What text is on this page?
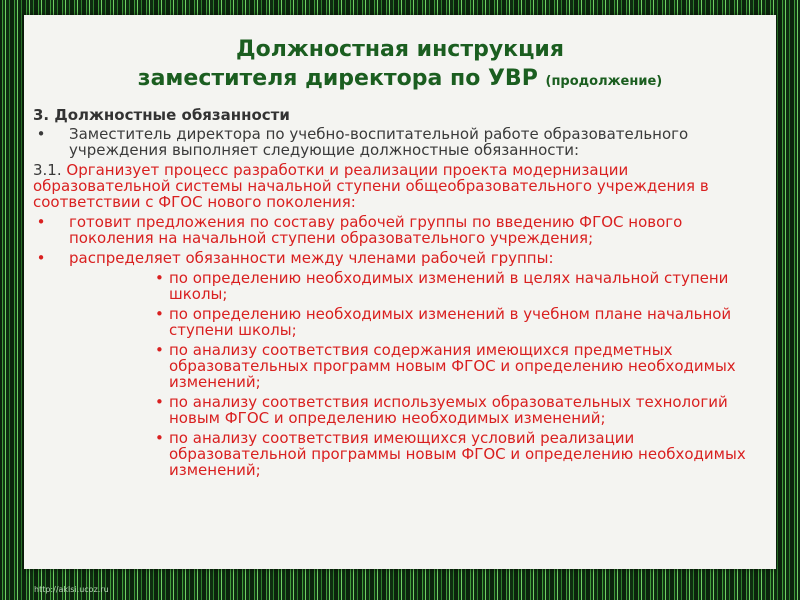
Должностная инструкция
заместителя директора по УВР (продолжение)
3. Должностные обязанности
• Заместитель директора по учебно-воспитательной работе образовательного учреждения выполняет следующие должностные обязанности:
3.1. Организует процесс разработки и реализации проекта модернизации образовательной системы начальной ступени общеобразовательного учреждения в соответствии с ФГОС нового поколения:
• готовит предложения по составу рабочей группы по введению ФГОС нового поколения на начальной ступени образовательного учреждения;
• распределяет обязанности между членами рабочей группы:
• по определению необходимых изменений в целях начальной ступени школы;
• по определению необходимых изменений в учебном плане начальной ступени школы;
• по анализу соответствия содержания имеющихся предметных образовательных программ новым ФГОС и определению необходимых изменений;
• по анализу соответствия используемых образовательных технологий новым ФГОС и определению необходимых изменений;
• по анализу соответствия имеющихся условий реализации образовательной программы новым ФГОС и определению необходимых изменений;
http://aklsi.ucoz.ru
